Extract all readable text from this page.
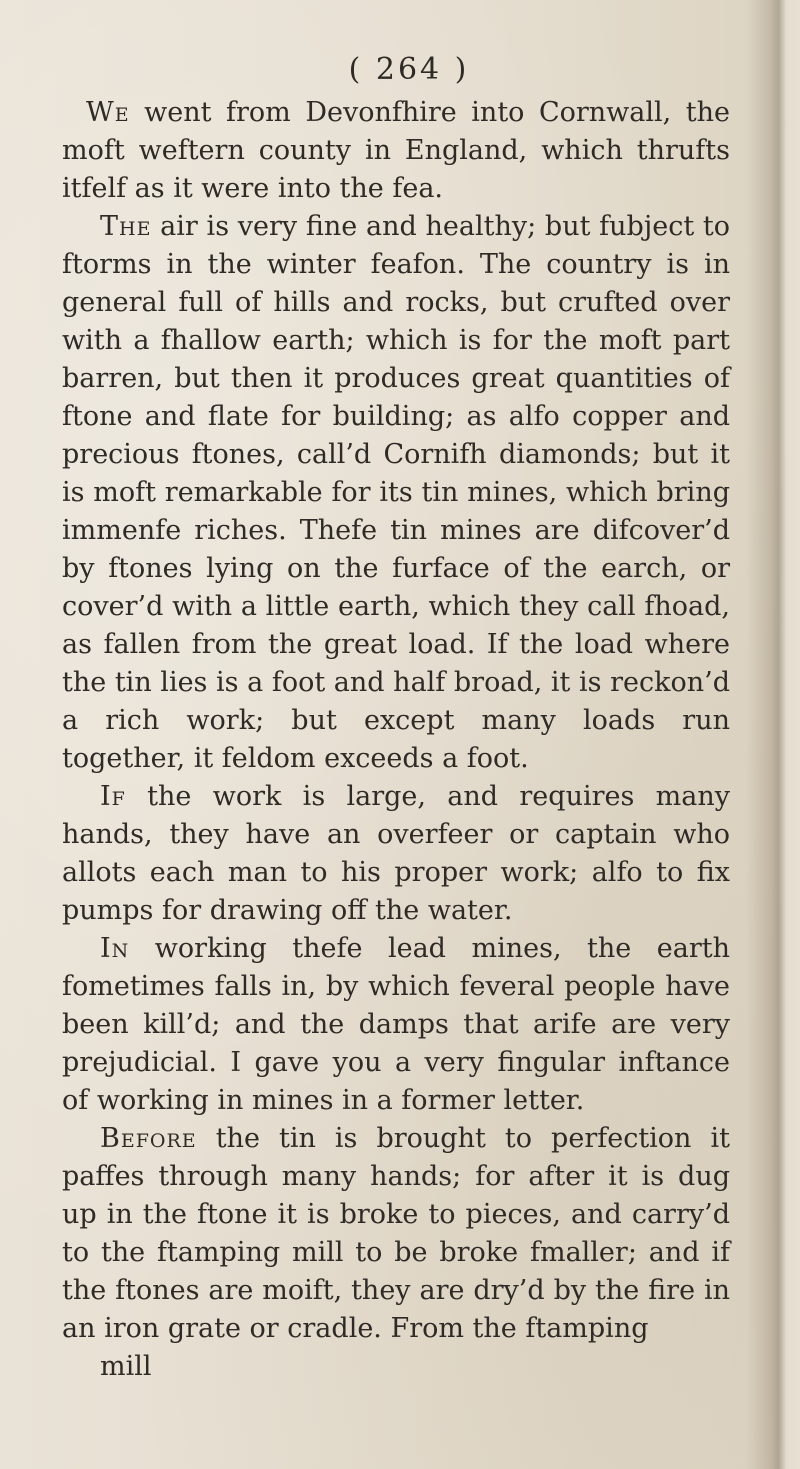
( 264 )

We went from Devonfhire into Cornwall, the moft weftern county in England, which thrufts itfelf as it were into the fea.

The air is very fine and healthy; but fubject to ftorms in the winter feafon. The country is in general full of hills and rocks, but crufted over with a fhallow earth; which is for the moft part barren, but then it produces great quantities of ftone and flate for building; as alfo copper and precious ftones, call’d Cornifh diamonds; but it is moft remarkable for its tin mines, which bring immenfe riches. Thefe tin mines are difcover’d by ftones lying on the furface of the earch, or cover’d with a little earth, which they call fhoad, as fallen from the great load. If the load where the tin lies is a foot and half broad, it is reckon’d a rich work; but except many loads run together, it feldom exceeds a foot.

If the work is large, and requires many hands, they have an overfeer or captain who allots each man to his proper work; alfo to fix pumps for drawing off the water.

In working thefe lead mines, the earth fometimes falls in, by which feveral people have been kill’d; and the damps that arife are very prejudicial. I gave you a very fingular inftance of working in mines in a former letter.

Before the tin is brought to perfection it paffes through many hands; for after it is dug up in the ftone it is broke to pieces, and carry’d to the ftamping mill to be broke fmaller; and if the ftones are moift, they are dry’d by the fire in an iron grate or cradle. From the ftamping

mill
